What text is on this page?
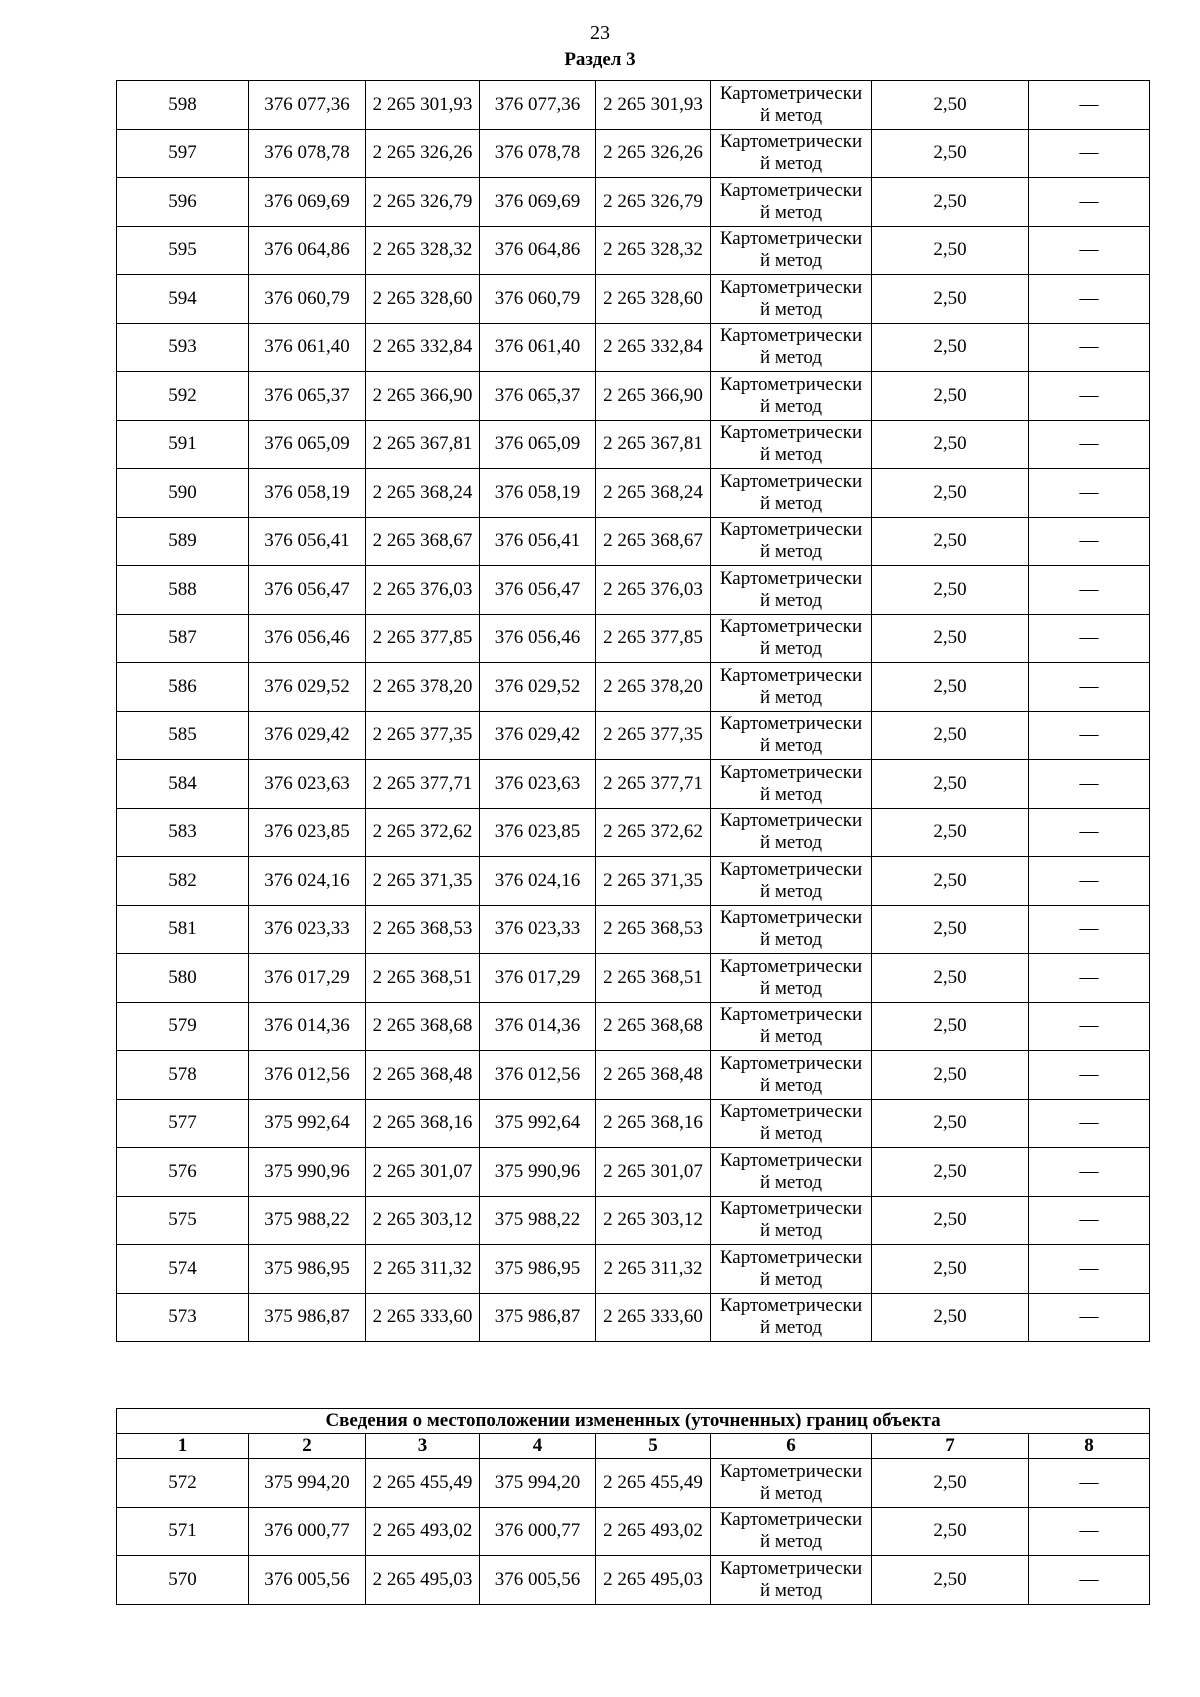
23
Раздел 3
598	376 077,36	2 265 301,93	376 077,36	2 265 301,93	Картометрически
й метод	2,50	—
597	376 078,78	2 265 326,26	376 078,78	2 265 326,26	Картометрически
й метод	2,50	—
596	376 069,69	2 265 326,79	376 069,69	2 265 326,79	Картометрически
й метод	2,50	—
595	376 064,86	2 265 328,32	376 064,86	2 265 328,32	Картометрически
й метод	2,50	—
594	376 060,79	2 265 328,60	376 060,79	2 265 328,60	Картометрически
й метод	2,50	—
593	376 061,40	2 265 332,84	376 061,40	2 265 332,84	Картометрически
й метод	2,50	—
592	376 065,37	2 265 366,90	376 065,37	2 265 366,90	Картометрически
й метод	2,50	—
591	376 065,09	2 265 367,81	376 065,09	2 265 367,81	Картометрически
й метод	2,50	—
590	376 058,19	2 265 368,24	376 058,19	2 265 368,24	Картометрически
й метод	2,50	—
589	376 056,41	2 265 368,67	376 056,41	2 265 368,67	Картометрически
й метод	2,50	—
588	376 056,47	2 265 376,03	376 056,47	2 265 376,03	Картометрически
й метод	2,50	—
587	376 056,46	2 265 377,85	376 056,46	2 265 377,85	Картометрически
й метод	2,50	—
586	376 029,52	2 265 378,20	376 029,52	2 265 378,20	Картометрически
й метод	2,50	—
585	376 029,42	2 265 377,35	376 029,42	2 265 377,35	Картометрически
й метод	2,50	—
584	376 023,63	2 265 377,71	376 023,63	2 265 377,71	Картометрически
й метод	2,50	—
583	376 023,85	2 265 372,62	376 023,85	2 265 372,62	Картометрически
й метод	2,50	—
582	376 024,16	2 265 371,35	376 024,16	2 265 371,35	Картометрически
й метод	2,50	—
581	376 023,33	2 265 368,53	376 023,33	2 265 368,53	Картометрически
й метод	2,50	—
580	376 017,29	2 265 368,51	376 017,29	2 265 368,51	Картометрически
й метод	2,50	—
579	376 014,36	2 265 368,68	376 014,36	2 265 368,68	Картометрически
й метод	2,50	—
578	376 012,56	2 265 368,48	376 012,56	2 265 368,48	Картометрически
й метод	2,50	—
577	375 992,64	2 265 368,16	375 992,64	2 265 368,16	Картометрически
й метод	2,50	—
576	375 990,96	2 265 301,07	375 990,96	2 265 301,07	Картометрически
й метод	2,50	—
575	375 988,22	2 265 303,12	375 988,22	2 265 303,12	Картометрически
й метод	2,50	—
574	375 986,95	2 265 311,32	375 986,95	2 265 311,32	Картометрически
й метод	2,50	—
573	375 986,87	2 265 333,60	375 986,87	2 265 333,60	Картометрически
й метод	2,50	—
Сведения о местоположении измененных (уточненных) границ объекта							
1	2	3	4	5	6	7	8
572	375 994,20	2 265 455,49	375 994,20	2 265 455,49	Картометрически
й метод	2,50	—
571	376 000,77	2 265 493,02	376 000,77	2 265 493,02	Картометрически
й метод	2,50	—
570	376 005,56	2 265 495,03	376 005,56	2 265 495,03	Картометрически
й метод	2,50	—
